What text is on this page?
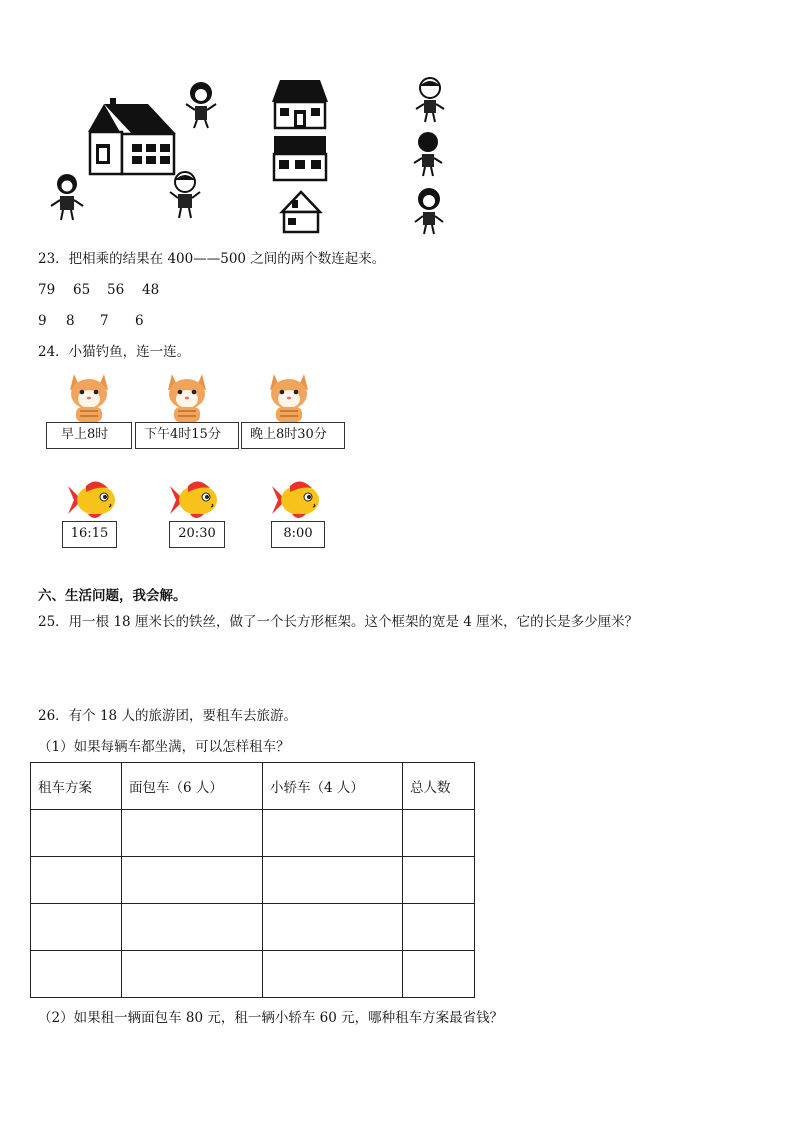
23．把相乘的结果在 400——500 之间的两个数连起来。
79 65 56 48
9 8 7 6
24．小猫钓鱼，连一连。
早上8时	下午4时15分	晚上8时30分
16:15	20:30	8:00
六、生活问题，我会解。
25．用一根 18 厘米长的铁丝，做了一个长方形框架。这个框架的宽是 4 厘米，它的长是多少厘米？
26．有个 18 人的旅游团，要租车去旅游。
（1）如果每辆车都坐满，可以怎样租车？
租车方案	面包车（6 人）	小轿车（4 人）	总人数

（2）如果租一辆面包车 80 元，租一辆小轿车 60 元，哪种租车方案最省钱？
